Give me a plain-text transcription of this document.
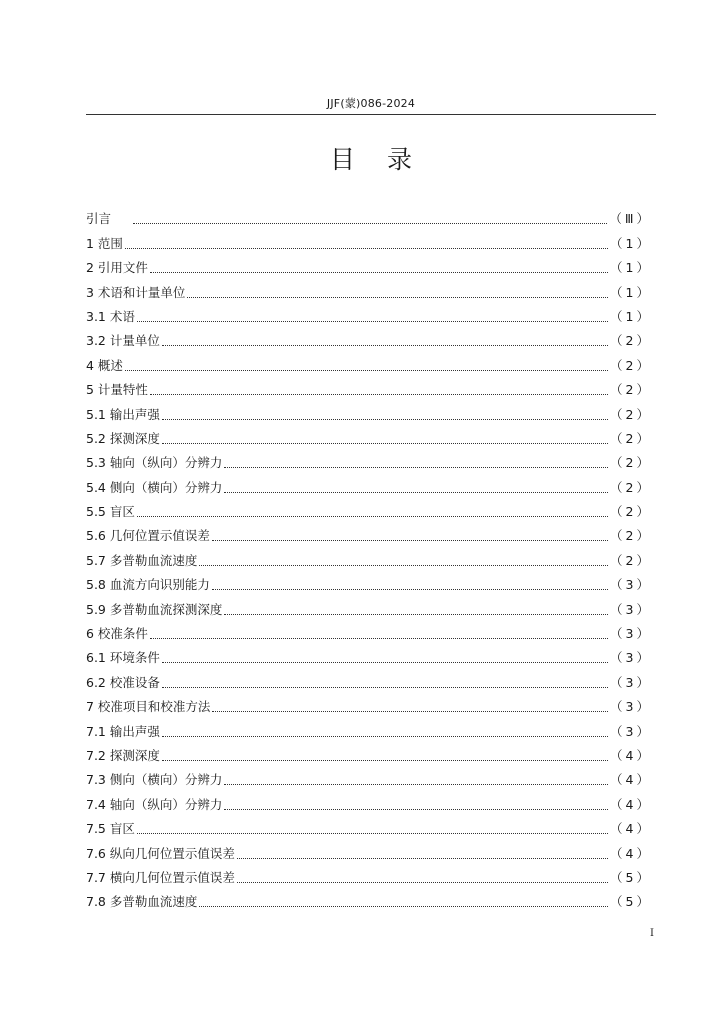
JJF(蒙)086-2024
目 录
引言	（Ⅲ）
1 范围	（1）
2 引用文件	（1）
3 术语和计量单位	（1）
3.1 术语	（1）
3.2 计量单位	（2）
4 概述	（2）
5 计量特性	（2）
5.1 输出声强	（2）
5.2 探测深度	（2）
5.3 轴向（纵向）分辨力	（2）
5.4 侧向（横向）分辨力	（2）
5.5 盲区	（2）
5.6 几何位置示值误差	（2）
5.7 多普勒血流速度	（2）
5.8 血流方向识别能力	（3）
5.9 多普勒血流探测深度	（3）
6 校准条件	（3）
6.1 环境条件	（3）
6.2 校准设备	（3）
7 校准项目和校准方法	（3）
7.1 输出声强	（3）
7.2 探测深度	（4）
7.3 侧向（横向）分辨力	（4）
7.4 轴向（纵向）分辨力	（4）
7.5 盲区	（4）
7.6 纵向几何位置示值误差	（4）
7.7 横向几何位置示值误差	（5）
7.8 多普勒血流速度	（5）
I
